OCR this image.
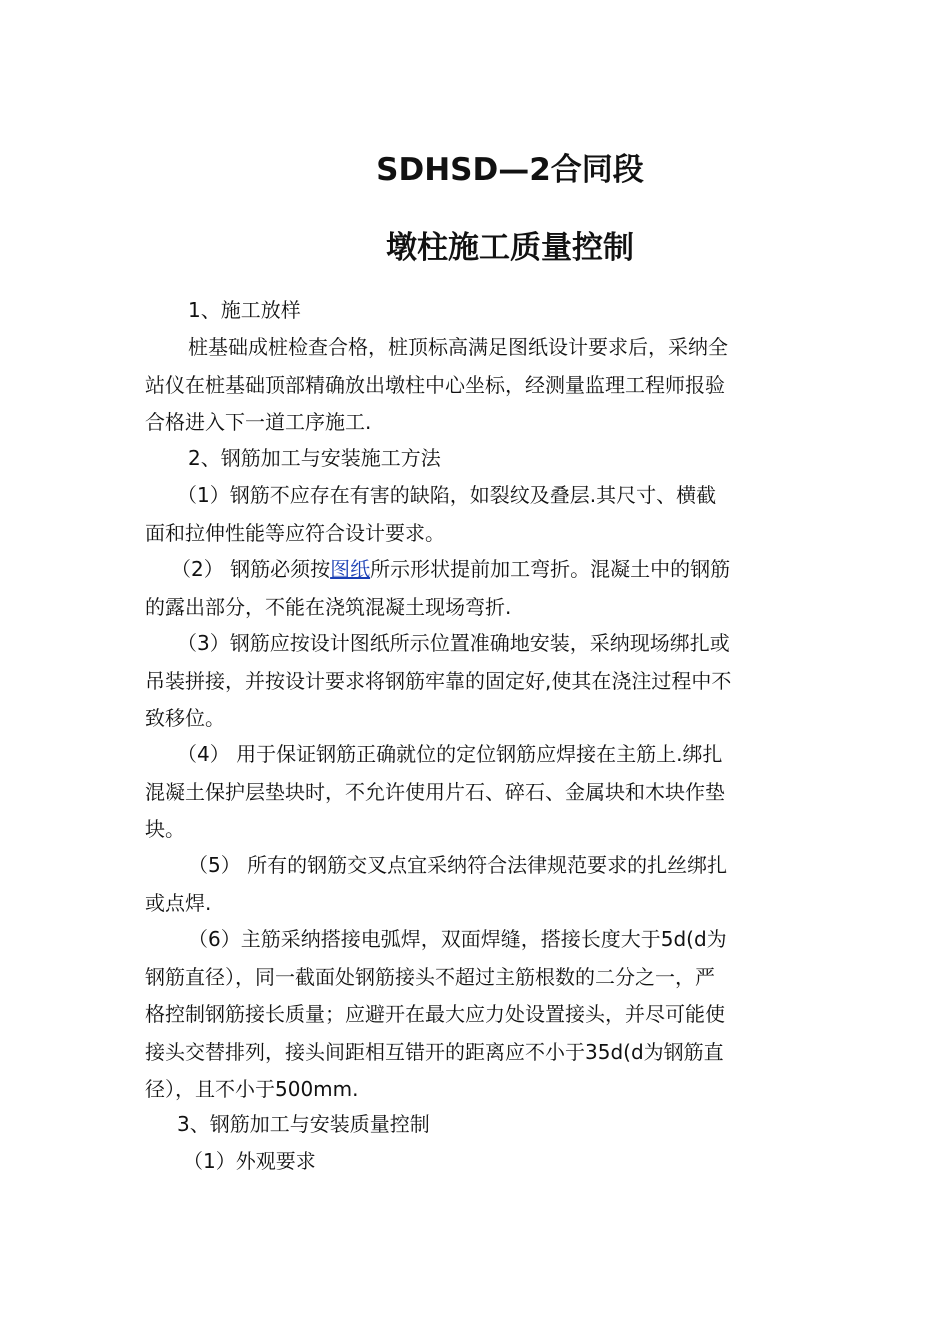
SDHSD—2合同段
墩柱施工质量控制

1、施工放样

桩基础成桩检查合格，桩顶标高满足图纸设计要求后，采纳全
站仪在桩基础顶部精确放出墩柱中心坐标，经测量监理工程师报验
合格进入下一道工序施工.

2、钢筋加工与安装施工方法

（1）钢筋不应存在有害的缺陷，如裂纹及叠层.其尺寸、横截
面和拉伸性能等应符合设计要求。

（2） 钢筋必须按图纸所示形状提前加工弯折。混凝土中的钢筋
的露出部分，不能在浇筑混凝土现场弯折.

（3）钢筋应按设计图纸所示位置准确地安装，采纳现场绑扎或
吊装拼接，并按设计要求将钢筋牢靠的固定好,使其在浇注过程中不
致移位。

（4） 用于保证钢筋正确就位的定位钢筋应焊接在主筋上.绑扎
混凝土保护层垫块时，不允许使用片石、碎石、金属块和木块作垫
块。

（5） 所有的钢筋交叉点宜采纳符合法律规范要求的扎丝绑扎
或点焊.

（6）主筋采纳搭接电弧焊，双面焊缝，搭接长度大于5d(d为
钢筋直径），同一截面处钢筋接头不超过主筋根数的二分之一，严
格控制钢筋接长质量；应避开在最大应力处设置接头，并尽可能使
接头交替排列，接头间距相互错开的距离应不小于35d(d为钢筋直
径），且不小于500mm.

3、钢筋加工与安装质量控制

（1）外观要求
